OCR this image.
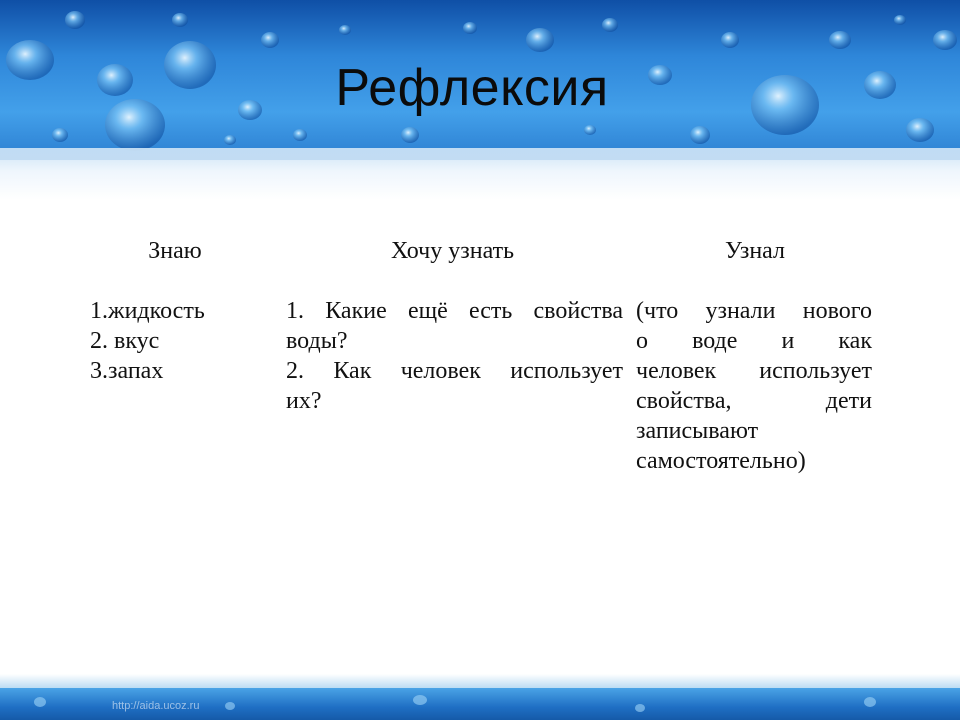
Рефлексия
Знаю	Хочу узнать	Узнал
1.жидкость
2. вкус
3.запах
1. Какие ещё есть свойства
воды?
2. Как человек использует
их?
(что узнали нового
о воде и как
человек использует
свойства, дети
записывают
самостоятельно)
http://aida.ucoz.ru
